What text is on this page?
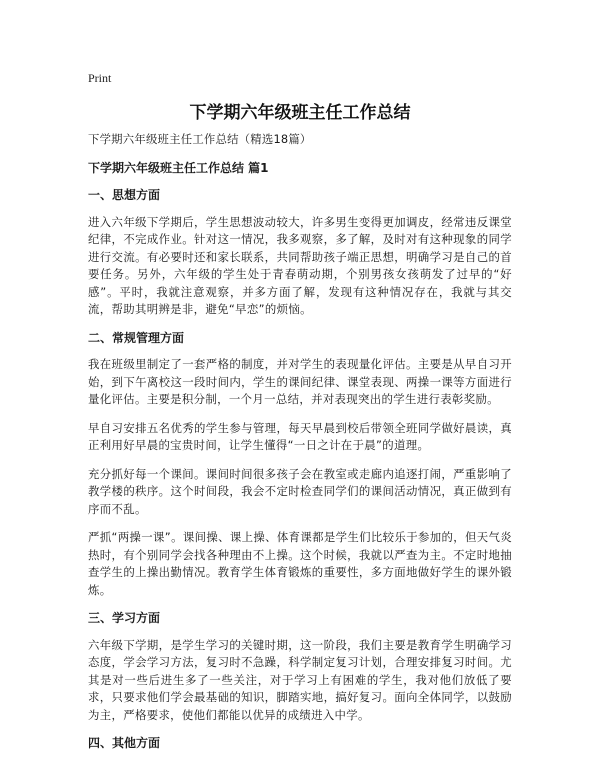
Print
下学期六年级班主任工作总结

下学期六年级班主任工作总结（精选18篇）

下学期六年级班主任工作总结 篇1

一、思想方面

进入六年级下学期后，学生思想波动较大，许多男生变得更加调皮，经常违反课堂纪律，不完成作业。针对这一情况，我多观察，多了解，及时对有这种现象的同学进行交流。有必要时还和家长联系，共同帮助孩子端正思想，明确学习是自己的首要任务。另外，六年级的学生处于青春萌动期，个别男孩女孩萌发了过早的“好感”。平时，我就注意观察，并多方面了解，发现有这种情况存在，我就与其交流，帮助其明辨是非，避免“早恋”的烦恼。

二、常规管理方面

我在班级里制定了一套严格的制度，并对学生的表现量化评估。主要是从早自习开始，到下午离校这一段时间内，学生的课间纪律、课堂表现、两操一课等方面进行量化评估。主要是积分制，一个月一总结，并对表现突出的学生进行表彰奖励。

早自习安排五名优秀的学生参与管理，每天早晨到校后带领全班同学做好晨读，真正利用好早晨的宝贵时间，让学生懂得“一日之计在于晨”的道理。

充分抓好每一个课间。课间时间很多孩子会在教室或走廊内追逐打闹，严重影响了教学楼的秩序。这个时间段，我会不定时检查同学们的课间活动情况，真正做到有序而不乱。

严抓“两操一课”。课间操、课上操、体育课都是学生们比较乐于参加的，但天气炎热时，有个别同学会找各种理由不上操。这个时候，我就以严查为主。不定时地抽查学生的上操出勤情况。教育学生体育锻炼的重要性，多方面地做好学生的课外锻炼。

三、学习方面

六年级下学期，是学生学习的关键时期，这一阶段，我们主要是教育学生明确学习态度，学会学习方法，复习时不急躁，科学制定复习计划，合理安排复习时间。尤其是对一些后进生多了一些关注，对于学习上有困难的学生，我对他们放低了要求，只要求他们学会最基础的知识，脚踏实地，搞好复习。面向全体同学，以鼓励为主，严格要求，使他们都能以优异的成绩进入中学。

四、其他方面
